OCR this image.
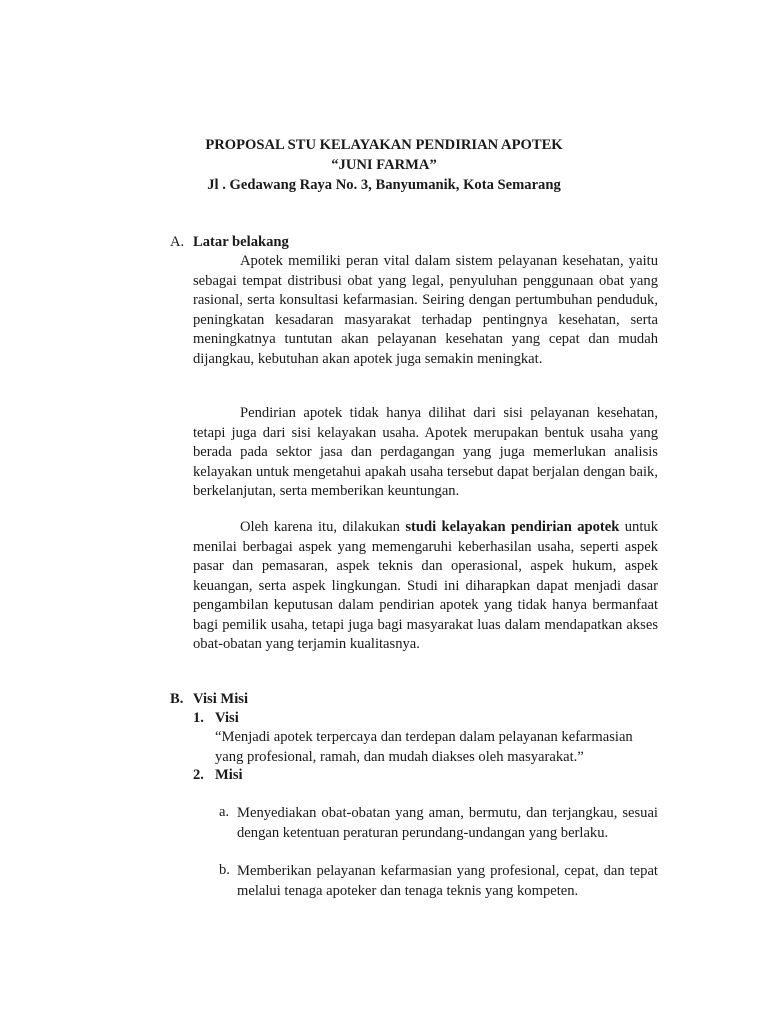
PROPOSAL STU KELAYAKAN PENDIRIAN APOTEK
“JUNI FARMA”
Jl . Gedawang Raya No. 3, Banyumanik, Kota Semarang
A. Latar belakang

Apotek memiliki peran vital dalam sistem pelayanan kesehatan, yaitu sebagai tempat distribusi obat yang legal, penyuluhan penggunaan obat yang rasional, serta konsultasi kefarmasian. Seiring dengan pertumbuhan penduduk, peningkatan kesadaran masyarakat terhadap pentingnya kesehatan, serta meningkatnya tuntutan akan pelayanan kesehatan yang cepat dan mudah dijangkau, kebutuhan akan apotek juga semakin meningkat.

Pendirian apotek tidak hanya dilihat dari sisi pelayanan kesehatan, tetapi juga dari sisi kelayakan usaha. Apotek merupakan bentuk usaha yang berada pada sektor jasa dan perdagangan yang juga memerlukan analisis kelayakan untuk mengetahui apakah usaha tersebut dapat berjalan dengan baik, berkelanjutan, serta memberikan keuntungan.

Oleh karena itu, dilakukan studi kelayakan pendirian apotek untuk menilai berbagai aspek yang memengaruhi keberhasilan usaha, seperti aspek pasar dan pemasaran, aspek teknis dan operasional, aspek hukum, aspek keuangan, serta aspek lingkungan. Studi ini diharapkan dapat menjadi dasar pengambilan keputusan dalam pendirian apotek yang tidak hanya bermanfaat bagi pemilik usaha, tetapi juga bagi masyarakat luas dalam mendapatkan akses obat-obatan yang terjamin kualitasnya.

B. Visi Misi
1. Visi

“Menjadi apotek terpercaya dan terdepan dalam pelayanan kefarmasian yang profesional, ramah, dan mudah diakses oleh masyarakat.”

2. Misi
a. Menyediakan obat-obatan yang aman, bermutu, dan terjangkau, sesuai dengan ketentuan peraturan perundang-undangan yang berlaku.

b. Memberikan pelayanan kefarmasian yang profesional, cepat, dan tepat melalui tenaga apoteker dan tenaga teknis yang kompeten.
